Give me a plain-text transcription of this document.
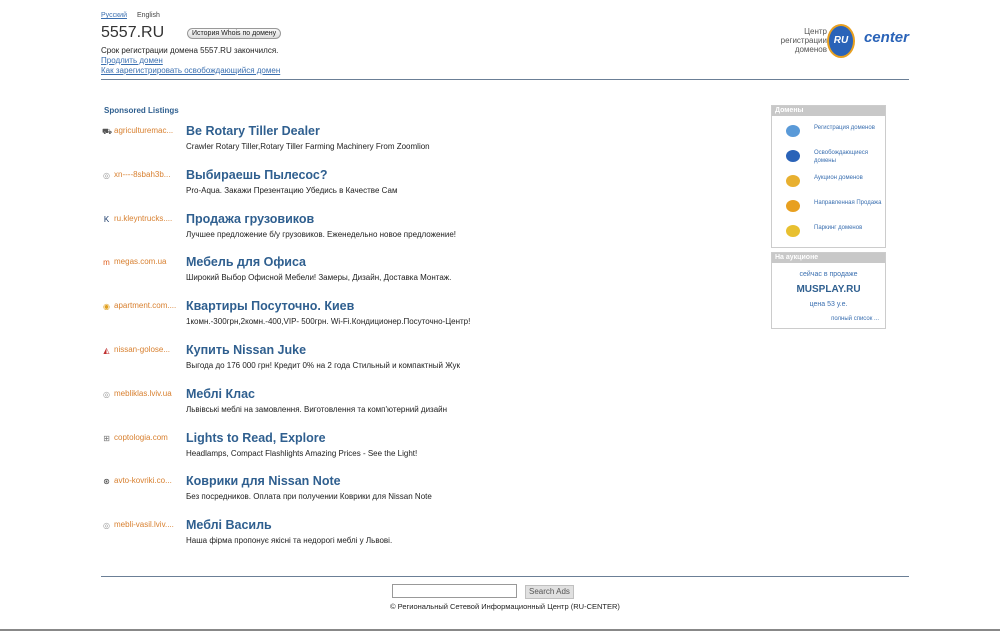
Русский English
5557.RU	История Whois по домену
Срок регистрации домена 5557.RU закончился.
Продлить домен
Как зарегистрировать освобождающийся домен
Центр
регистрации
доменов
RU	center
Sponsored Listings
⛟ agriculturemac...	Be Rotary Tiller Dealer
Crawler Rotary Tiller,Rotary Tiller Farming Machinery From Zoomlion
◎ xn----8sbah3b...	Выбираешь Пылесос?
Pro-Aqua. Закажи Презентацию Убедись в Качестве Сам
K ru.kleyntrucks....	Продажа грузовиков
Лучшее предложение б/у грузовиков. Еженедельно новое предложение!
m megas.com.ua	Мебель для Офиса
Широкий Выбор Офисной Мебели! Замеры, Дизайн, Доставка Монтаж.
◉ apartment.com.... Квартиры Посуточно. Киев
1комн.-300грн,2комн.-400,VIP- 500грн. Wi-Fi.Кондиционер.Посуточно-Центр!
◭ nissan-golose...	Купить Nissan Juke
Выгода до 176 000 грн! Кредит 0% на 2 года Стильный и компактный Жук
◎ mebliklas.lviv.ua	Меблі Клас
Львівські меблі на замовлення. Виготовлення та комп'ютерний дизайн
⊞ coptologia.com	Lights to Read, Explore
Headlamps, Compact Flashlights Amazing Prices - See the Light!
⊛ avto-kovriki.co...	Коврики для Nissan Note
Без посредников. Оплата при получении Коврики для Nissan Note
◎ mebli-vasil.lviv.... Меблі Василь
Наша фірма пропонує якісні та недорогі меблі у Львові.
Домены
Регистрация доменов
Освобождающиеся домены
Аукцион доменов
Направленная Продажа
Паркинг доменов
На аукционе
сейчас в продаже
MUSPLAY.RU
цена 53 у.е.
полный список ...
Search Ads
© Региональный Сетевой Информационный Центр (RU-CENTER)
